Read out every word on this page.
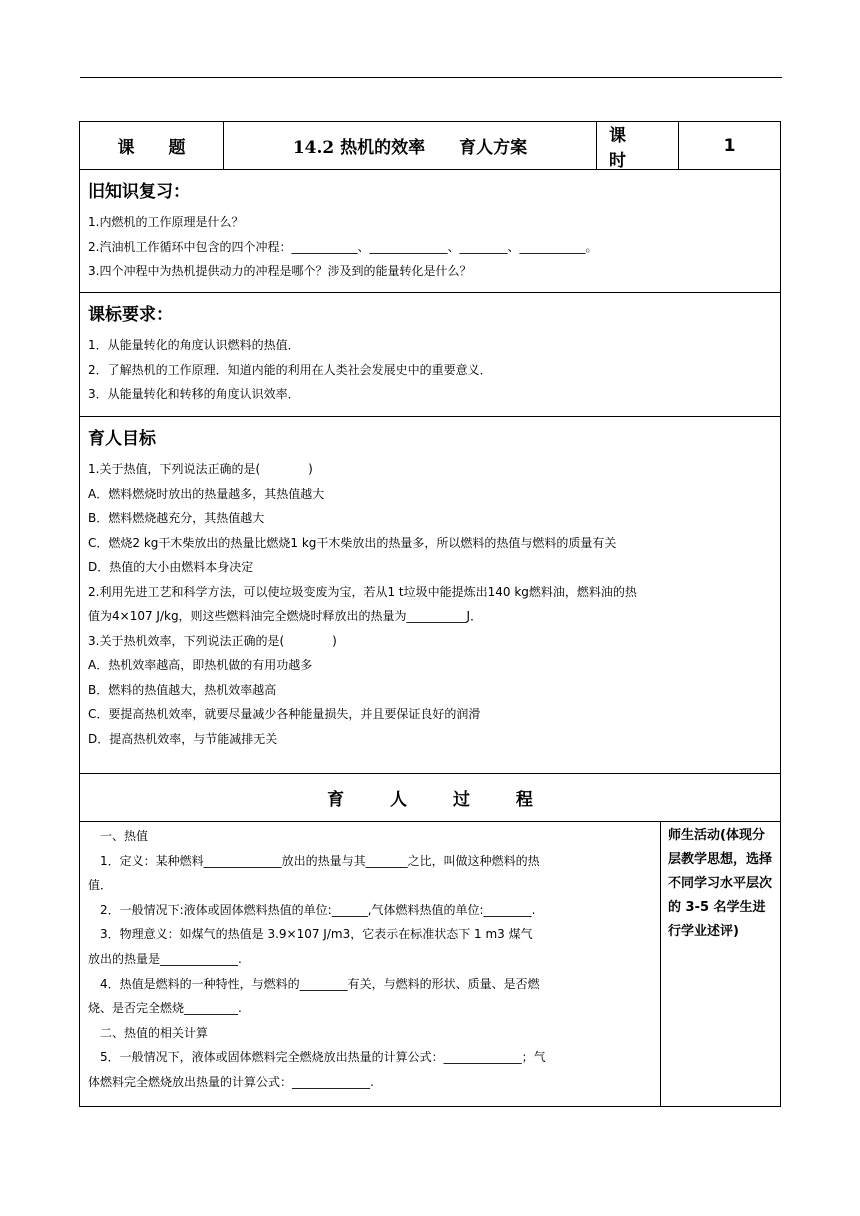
课 题	14.2 热机的效率　　育人方案
课 时
1
旧知识复习：
1.内燃机的工作原理是什么？
2.汽油机工作循环中包含的四个冲程：___________、_____________、________、___________。
3.四个冲程中为热机提供动力的冲程是哪个？涉及到的能量转化是什么？
课标要求：
1．从能量转化的角度认识燃料的热值．
2．了解热机的工作原理．知道内能的利用在人类社会发展史中的重要意义．
3．从能量转化和转移的角度认识效率．
育人目标
1.关于热值，下列说法正确的是(　　　　)
A．燃料燃烧时放出的热量越多，其热值越大
B．燃料燃烧越充分，其热值越大
C．燃烧2 kg干木柴放出的热量比燃烧1 kg干木柴放出的热量多，所以燃料的热值与燃料的质量有关
D．热值的大小由燃料本身决定
2.利用先进工艺和科学方法，可以使垃圾变废为宝，若从1 t垃圾中能提炼出140 kg燃料油，燃料油的热
值为4×107 J/kg，则这些燃料油完全燃烧时释放出的热量为__________J．
3.关于热机效率，下列说法正确的是(　　　　)
A．热机效率越高，即热机做的有用功越多
B．燃料的热值越大，热机效率越高
C．要提高热机效率，就要尽量减少各种能量损失，并且要保证良好的润滑
D．提高热机效率，与节能减排无关
育 人 过 程
　一、热值
　1．定义：某种燃料_____________放出的热量与其_______之比，叫做这种燃料的热
值．
　2．一般情况下:液体或固体燃料热值的单位:______,气体燃料热值的单位:________.
　3．物理意义：如煤气的热值是 3.9×107 J/m3，它表示在标准状态下 1 m3 煤气
放出的热量是_____________.
　4．热值是燃料的一种特性，与燃料的________有关，与燃料的形状、质量、是否燃
烧、是否完全燃烧_________.
　二、热值的相关计算
　5．一般情况下，液体或固体燃料完全燃烧放出热量的计算公式：_____________；气
体燃料完全燃烧放出热量的计算公式：_____________.
师生活动(体现分层教学思想，选择不同学习水平层次的 3-5 名学生进行学业述评)
